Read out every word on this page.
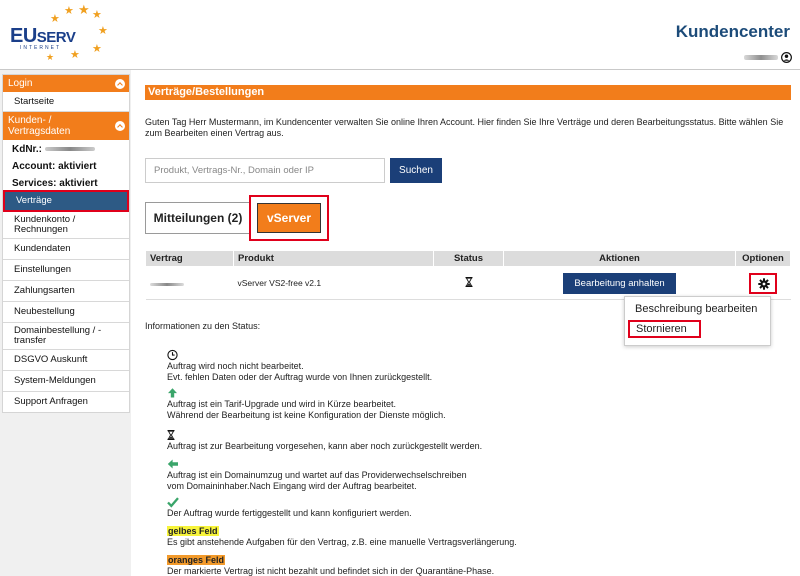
★ ★ ★
★
★
★
★
★
EUSERV
INTERNET
Kundencenter
Login
Startseite
Kunden- / Vertragsdaten
KdNr.:
Account: aktiviert
Services: aktiviert
Verträge
Kundenkonto / Rechnungen
Kundendaten
Einstellungen
Zahlungsarten
Neubestellung
Domainbestellung / -transfer
DSGVO Auskunft
System-Meldungen
Support Anfragen
Verträge/Bestellungen
Guten Tag Herr Mustermann, im Kundencenter verwalten Sie online Ihren Account. Hier finden Sie Ihre Verträge und deren Bearbeitungsstatus. Bitte wählen Sie zum Bearbeiten einen Vertrag aus.
Produkt, Vertrags-Nr., Domain oder IP
Suchen
Mitteilungen (2)	vServer
Vertrag	Produkt	Status	Aktionen	Optionen
	vServer VS2-free v2.1		Bearbeitung anhalten	
Beschreibung bearbeiten
Stornieren
Informationen zu den Status:
Auftrag wird noch nicht bearbeitet.
Evt. fehlen Daten oder der Auftrag wurde von Ihnen zurückgestellt.
Auftrag ist ein Tarif-Upgrade und wird in Kürze bearbeitet.
Während der Bearbeitung ist keine Konfiguration der Dienste möglich.
Auftrag ist zur Bearbeitung vorgesehen, kann aber noch zurückgestellt werden.
Auftrag ist ein Domainumzug und wartet auf das Providerwechselschreiben
vom Domaininhaber.Nach Eingang wird der Auftrag bearbeitet.
Der Auftrag wurde fertiggestellt und kann konfiguriert werden.
gelbes Feld
Es gibt anstehende Aufgaben für den Vertrag, z.B. eine manuelle Vertragsverlängerung.
oranges Feld
Der markierte Vertrag ist nicht bezahlt und befindet sich in der Quarantäne-Phase.
